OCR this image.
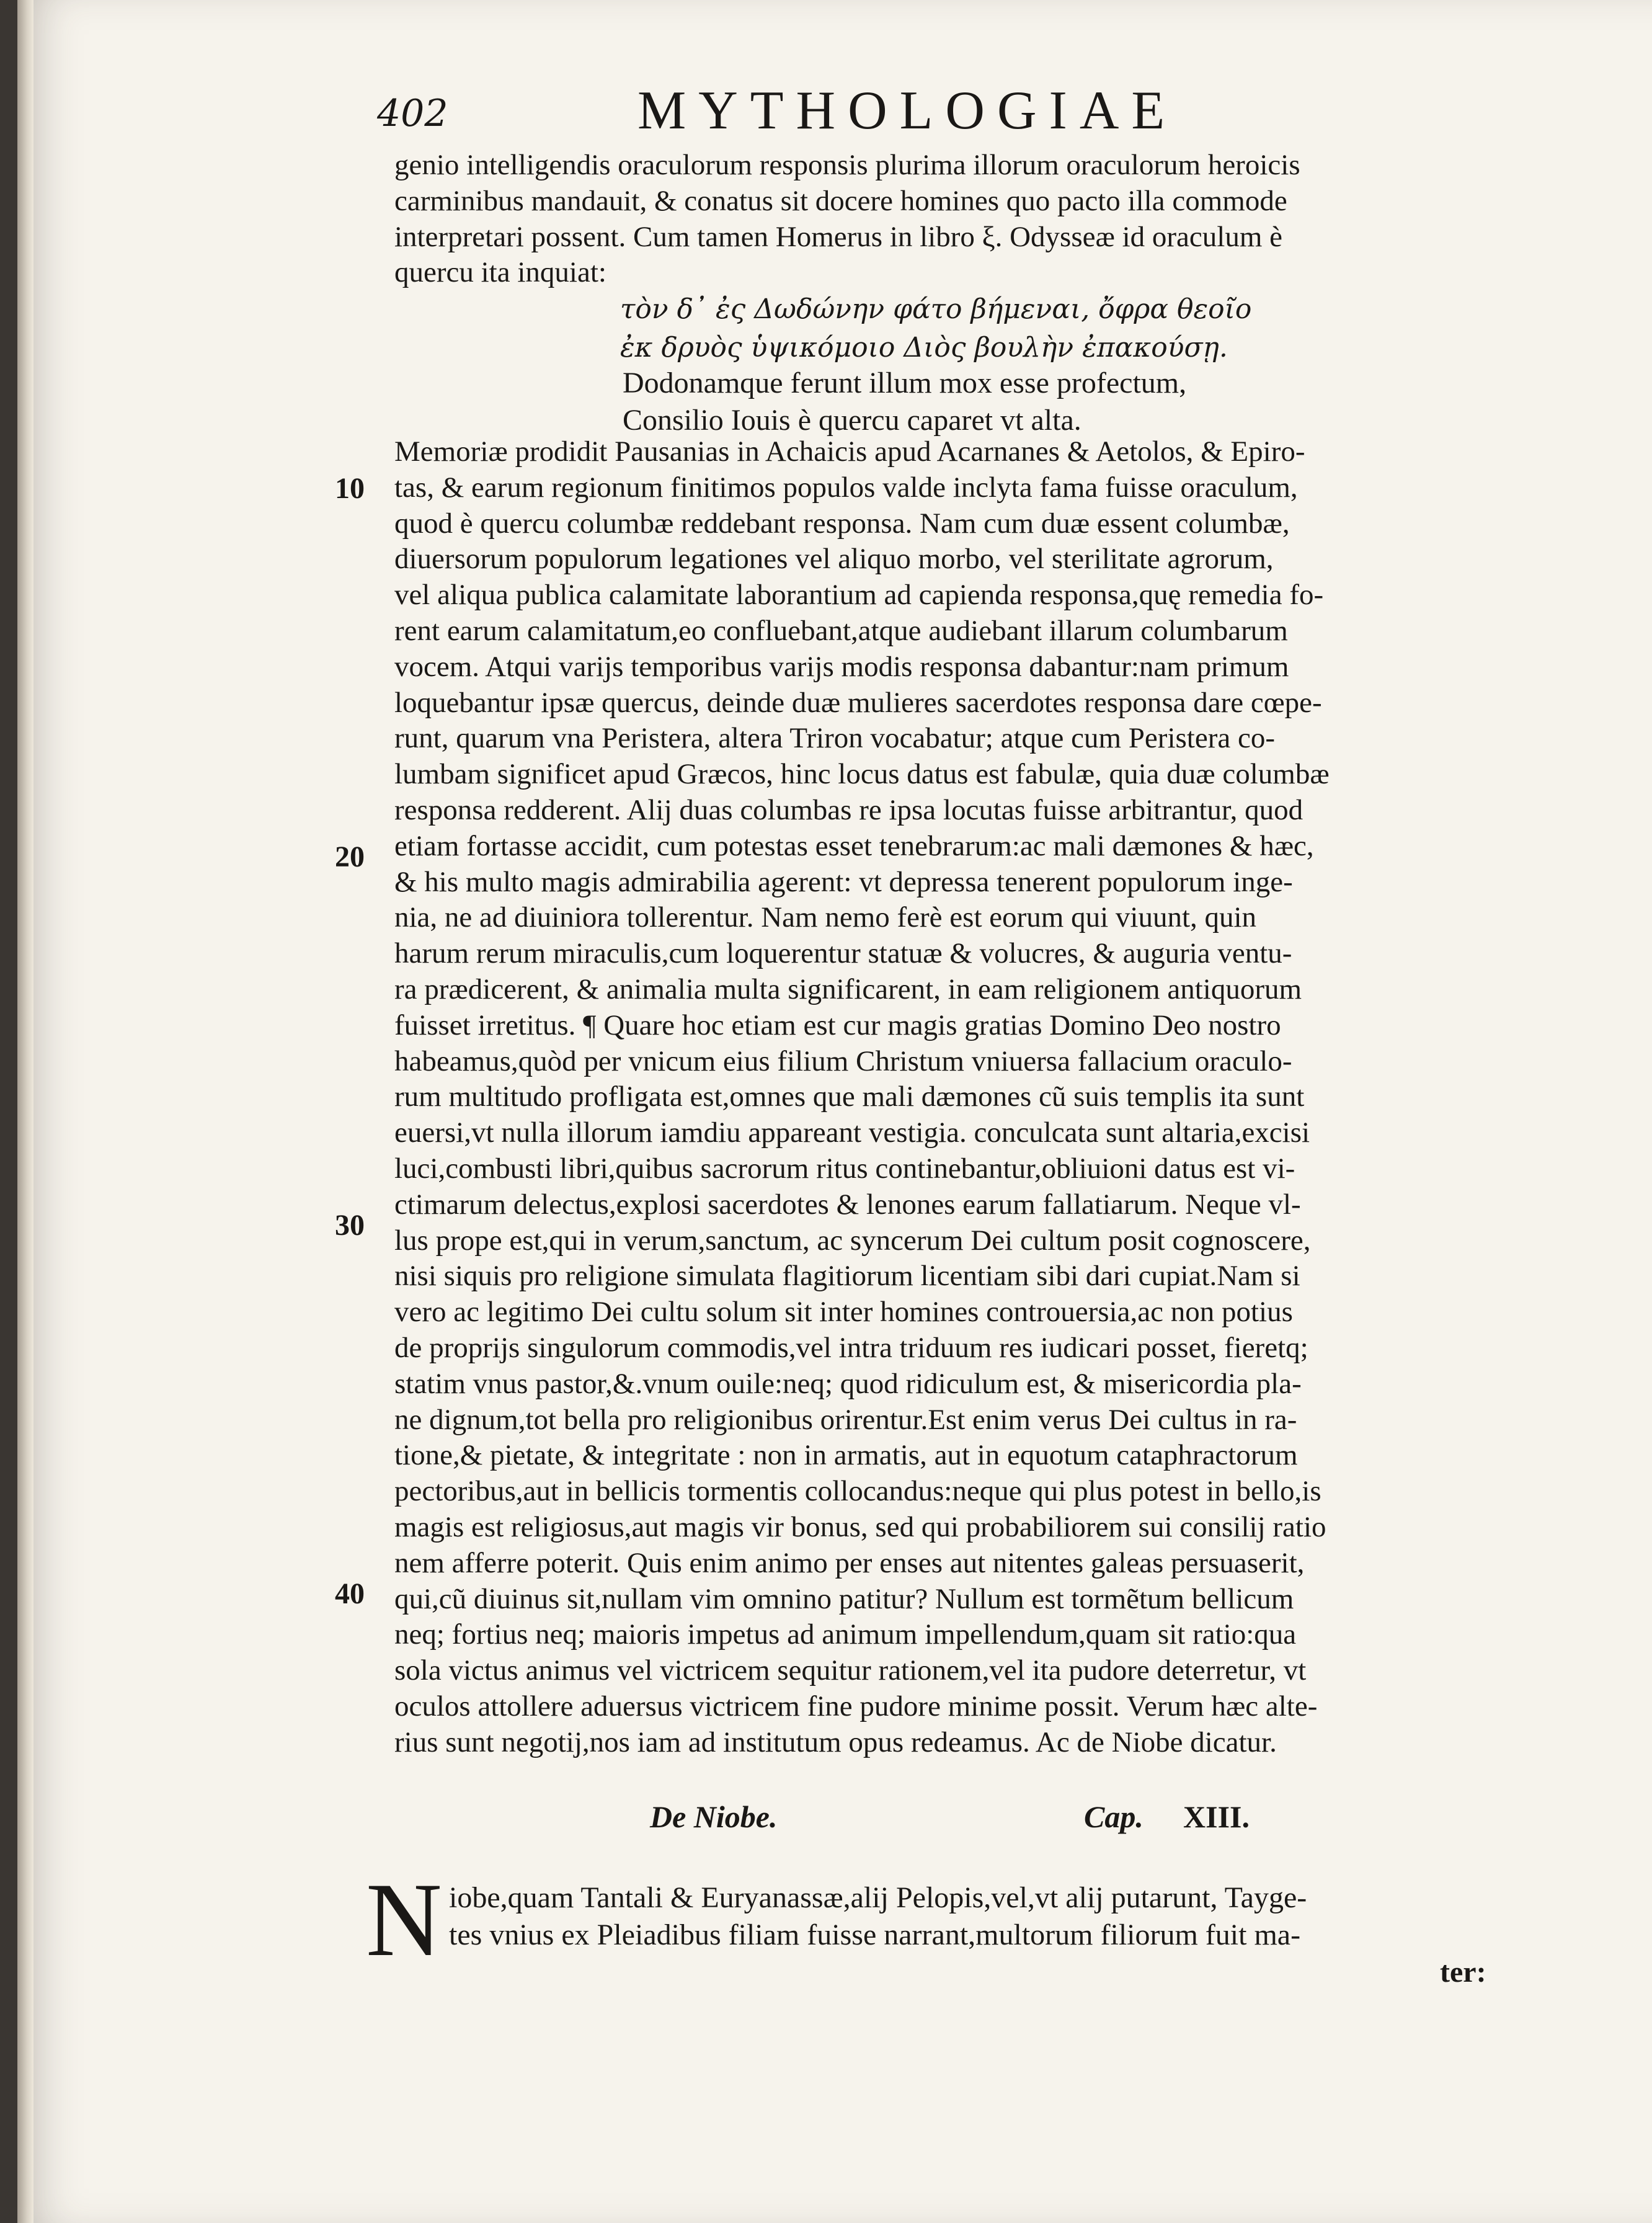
402	MYTHOLOGIAE
genio intelligendis oraculorum responsis plurima illorum oraculorum heroicis
carminibus mandauit, & conatus sit docere homines quo pacto illa commode
interpretari possent. Cum tamen Homerus in libro ξ. Odysseæ id oraculum è
quercu ita inquiat:
τὸν δ᾽ ἐς Δωδώνην φάτο βήμεναι, ὄφρα θεοῖο
ἐκ δρυὸς ὑψικόμοιο Διὸς βουλὴν ἐπακούσῃ.
Dodonamque ferunt illum mox esse profectum,
Consilio Iouis è quercu caparet vt alta.
Memoriæ prodidit Pausanias in Achaicis apud Acarnanes & Aetolos, & Epiro-
tas, & earum regionum finitimos populos valde inclyta fama fuisse oraculum,
quod è quercu columbæ reddebant responsa. Nam cum duæ essent columbæ,
diuersorum populorum legationes vel aliquo morbo, vel sterilitate agrorum,
vel aliqua publica calamitate laborantium ad capienda responsa,quę remedia fo-
rent earum calamitatum,eo confluebant,atque audiebant illarum columbarum
vocem. Atqui varijs temporibus varijs modis responsa dabantur:nam primum
loquebantur ipsæ quercus, deinde duæ mulieres sacerdotes responsa dare cœpe-
runt, quarum vna Peristera, altera Triron vocabatur; atque cum Peristera co-
lumbam significet apud Græcos, hinc locus datus est fabulæ, quia duæ columbæ
responsa redderent. Alij duas columbas re ipsa locutas fuisse arbitrantur, quod
etiam fortasse accidit, cum potestas esset tenebrarum:ac mali dæmones & hæc,
& his multo magis admirabilia agerent: vt depressa tenerent populorum inge-
nia, ne ad diuiniora tollerentur. Nam nemo ferè est eorum qui viuunt, quin
harum rerum miraculis,cum loquerentur statuæ & volucres, & auguria ventu-
ra prædicerent, & animalia multa significarent, in eam religionem antiquorum
fuisset irretitus. ¶ Quare hoc etiam est cur magis gratias Domino Deo nostro
habeamus,quòd per vnicum eius filium Christum vniuersa fallacium oraculo-
rum multitudo profligata est,omnes que mali dæmones cũ suis templis ita sunt
euersi,vt nulla illorum iamdiu appareant vestigia. conculcata sunt altaria,excisi
luci,combusti libri,quibus sacrorum ritus continebantur,obliuioni datus est vi-
ctimarum delectus,explosi sacerdotes & lenones earum fallatiarum. Neque vl-
lus prope est,qui in verum,sanctum, ac syncerum Dei cultum posit cognoscere,
nisi siquis pro religione simulata flagitiorum licentiam sibi dari cupiat.Nam si
vero ac legitimo Dei cultu solum sit inter homines controuersia,ac non potius
de proprijs singulorum commodis,vel intra triduum res iudicari posset, fieretq;
statim vnus pastor,&.vnum ouile:neq; quod ridiculum est, & misericordia pla-
ne dignum,tot bella pro religionibus orirentur.Est enim verus Dei cultus in ra-
tione,& pietate, & integritate : non in armatis, aut in equotum cataphractorum
pectoribus,aut in bellicis tormentis collocandus:neque qui plus potest in bello,is
magis est religiosus,aut magis vir bonus, sed qui probabiliorem sui consilij ratio
nem afferre poterit. Quis enim animo per enses aut nitentes galeas persuaserit,
qui,cũ diuinus sit,nullam vim omnino patitur? Nullum est tormẽtum bellicum
neq; fortius neq; maioris impetus ad animum impellendum,quam sit ratio:qua
sola victus animus vel victricem sequitur rationem,vel ita pudore deterretur, vt
oculos attollere aduersus victricem fine pudore minime possit. Verum hæc alte-
rius sunt negotij,nos iam ad institutum opus redeamus. Ac de Niobe dicatur.
10
20
30
40
De Niobe.	Cap. XIII.
N iobe,quam Tantali & Euryanassæ,alij Pelopis,vel,vt alij putarunt, Tayge-
tes vnius ex Pleiadibus filiam fuisse narrant,multorum filiorum fuit ma-
ter:
